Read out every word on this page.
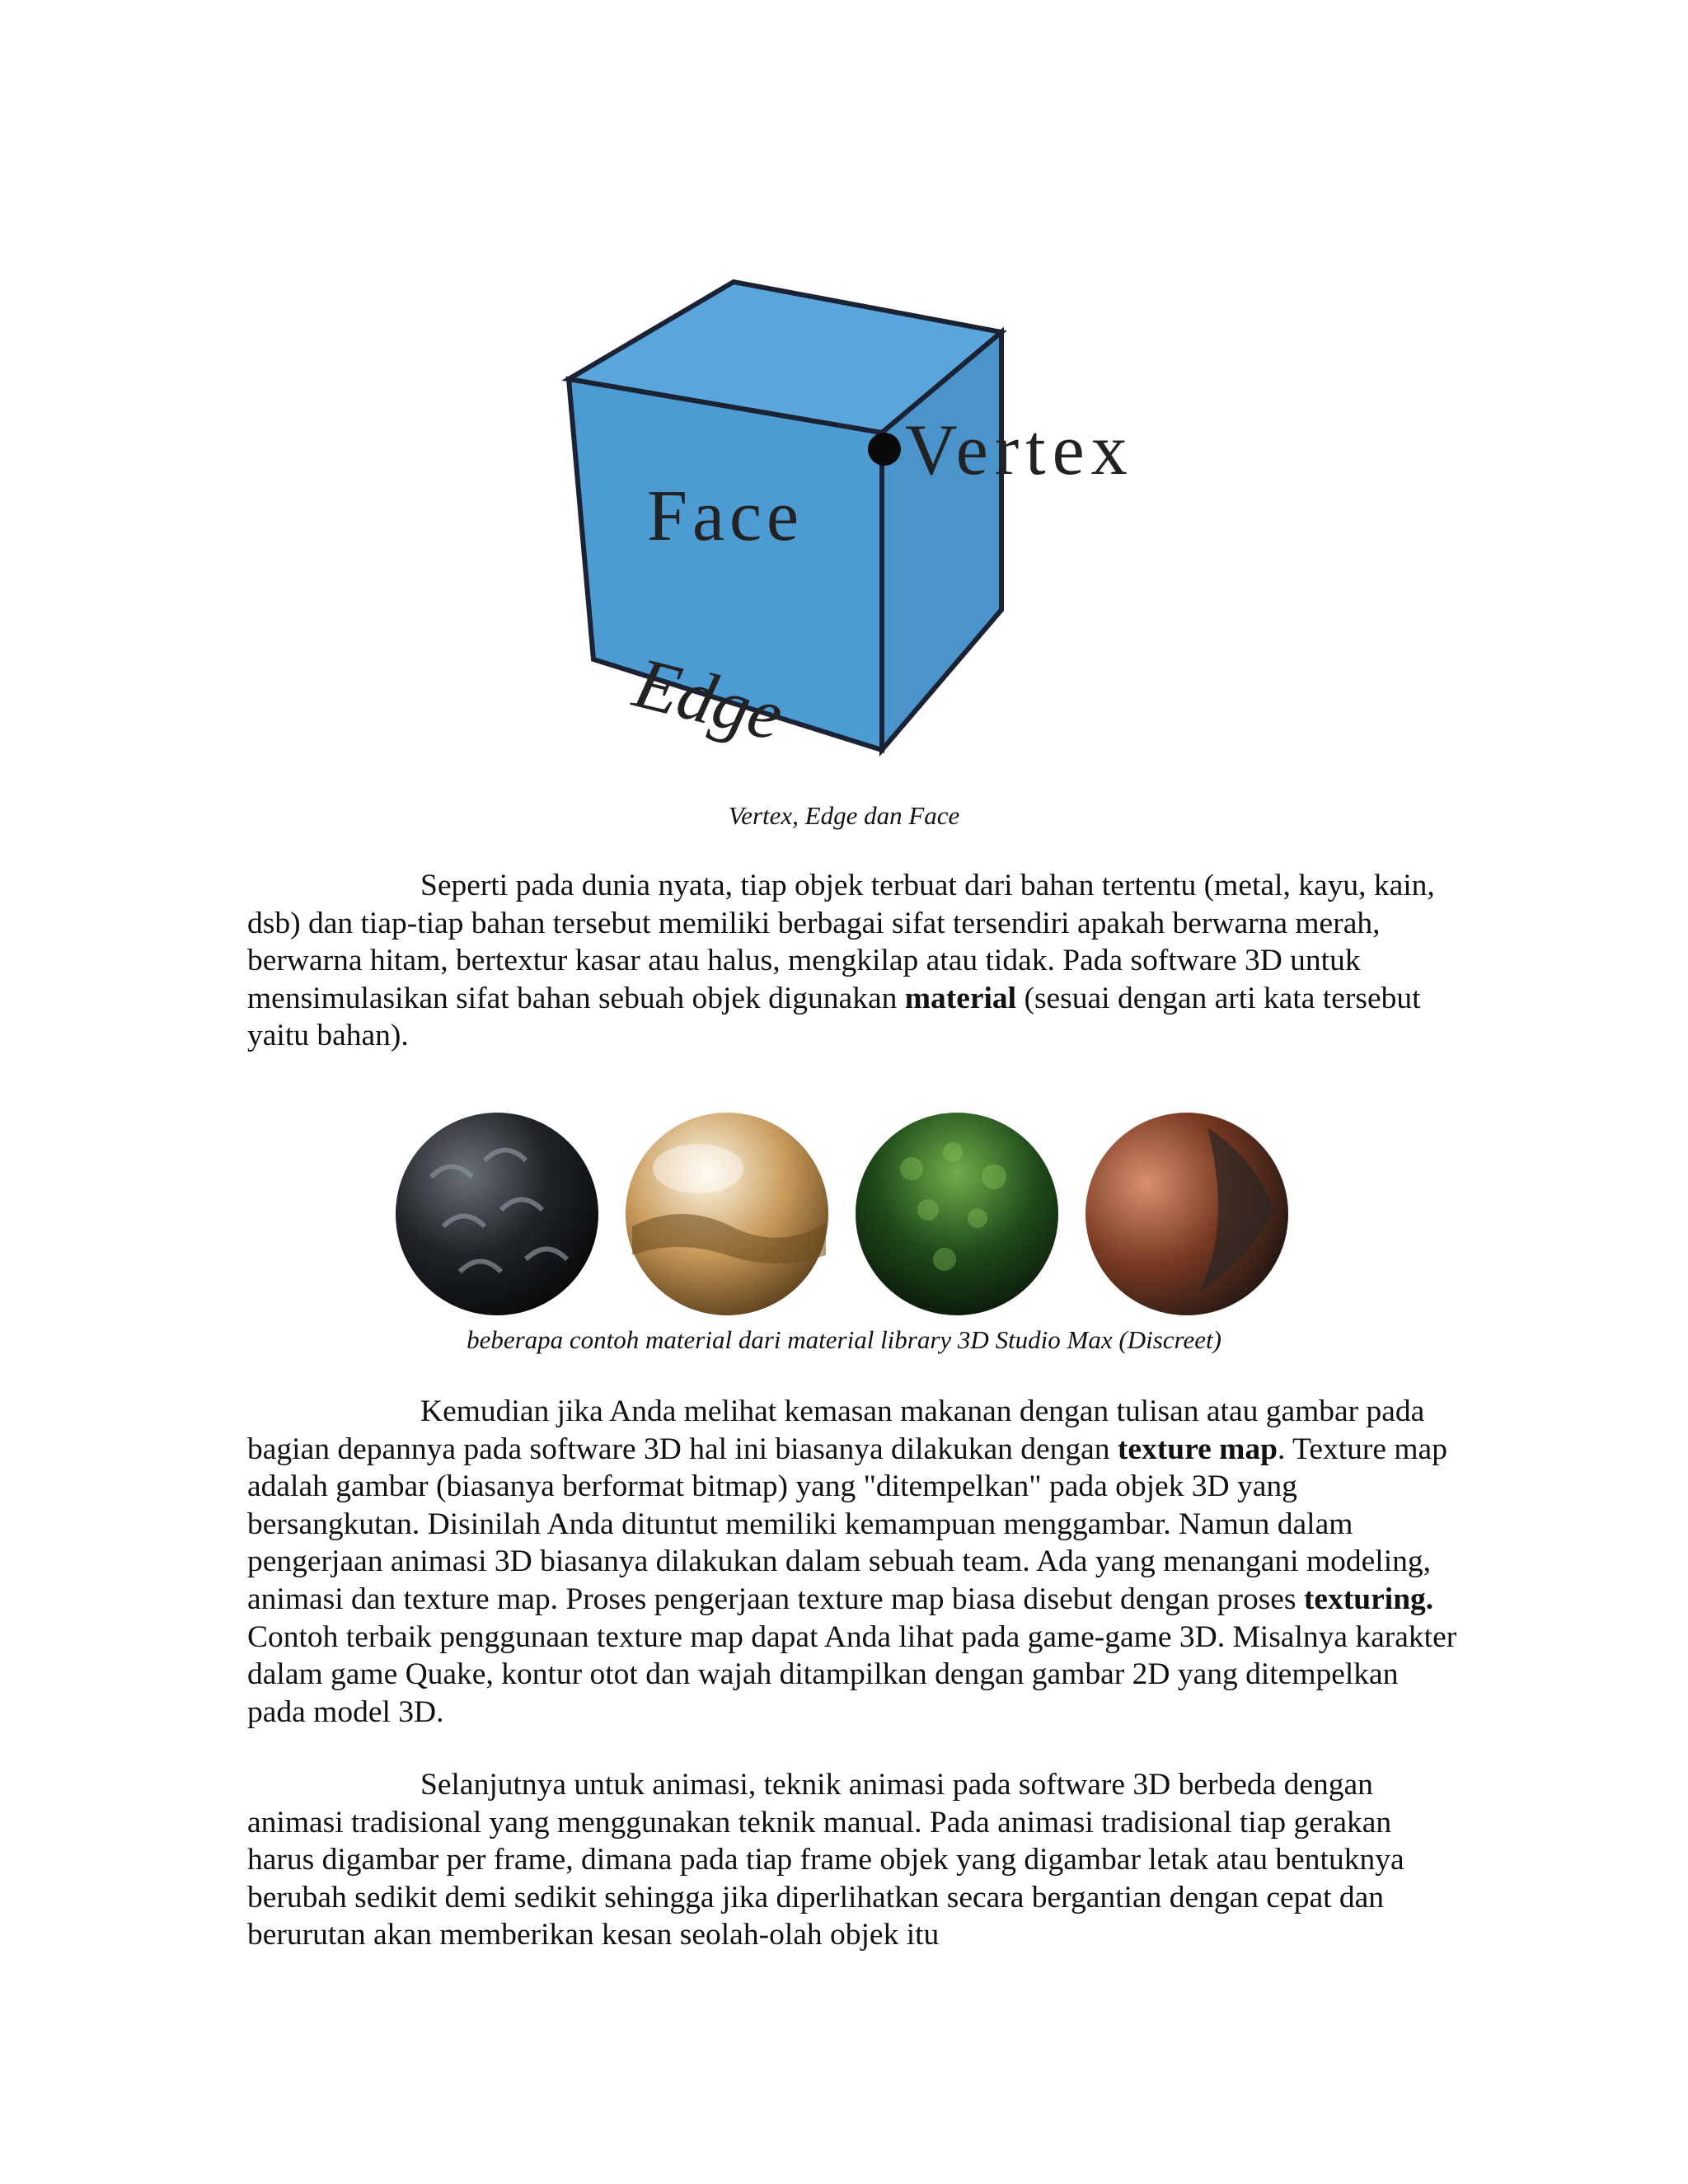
Face
Vertex
Edge
Vertex, Edge dan Face

Seperti pada dunia nyata, tiap objek terbuat dari bahan tertentu (metal, kayu, kain, dsb) dan tiap-tiap bahan tersebut memiliki berbagai sifat tersendiri apakah berwarna merah, berwarna hitam, bertextur kasar atau halus, mengkilap atau tidak. Pada software 3D untuk mensimulasikan sifat bahan sebuah objek digunakan material (sesuai dengan arti kata tersebut yaitu bahan).

beberapa contoh material dari material library 3D Studio Max (Discreet)

Kemudian jika Anda melihat kemasan makanan dengan tulisan atau gambar pada bagian depannya pada software 3D hal ini biasanya dilakukan dengan texture map. Texture map adalah gambar (biasanya berformat bitmap) yang "ditempelkan" pada objek 3D yang bersangkutan. Disinilah Anda dituntut memiliki kemampuan menggambar. Namun dalam pengerjaan animasi 3D biasanya dilakukan dalam sebuah team. Ada yang menangani modeling, animasi dan texture map. Proses pengerjaan texture map biasa disebut dengan proses texturing. Contoh terbaik penggunaan texture map dapat Anda lihat pada game-game 3D. Misalnya karakter dalam game Quake, kontur otot dan wajah ditampilkan dengan gambar 2D yang ditempelkan pada model 3D.

Selanjutnya untuk animasi, teknik animasi pada software 3D berbeda dengan animasi tradisional yang menggunakan teknik manual. Pada animasi tradisional tiap gerakan harus digambar per frame, dimana pada tiap frame objek yang digambar letak atau bentuknya berubah sedikit demi sedikit sehingga jika diperlihatkan secara bergantian dengan cepat dan berurutan akan memberikan kesan seolah-olah objek itu
